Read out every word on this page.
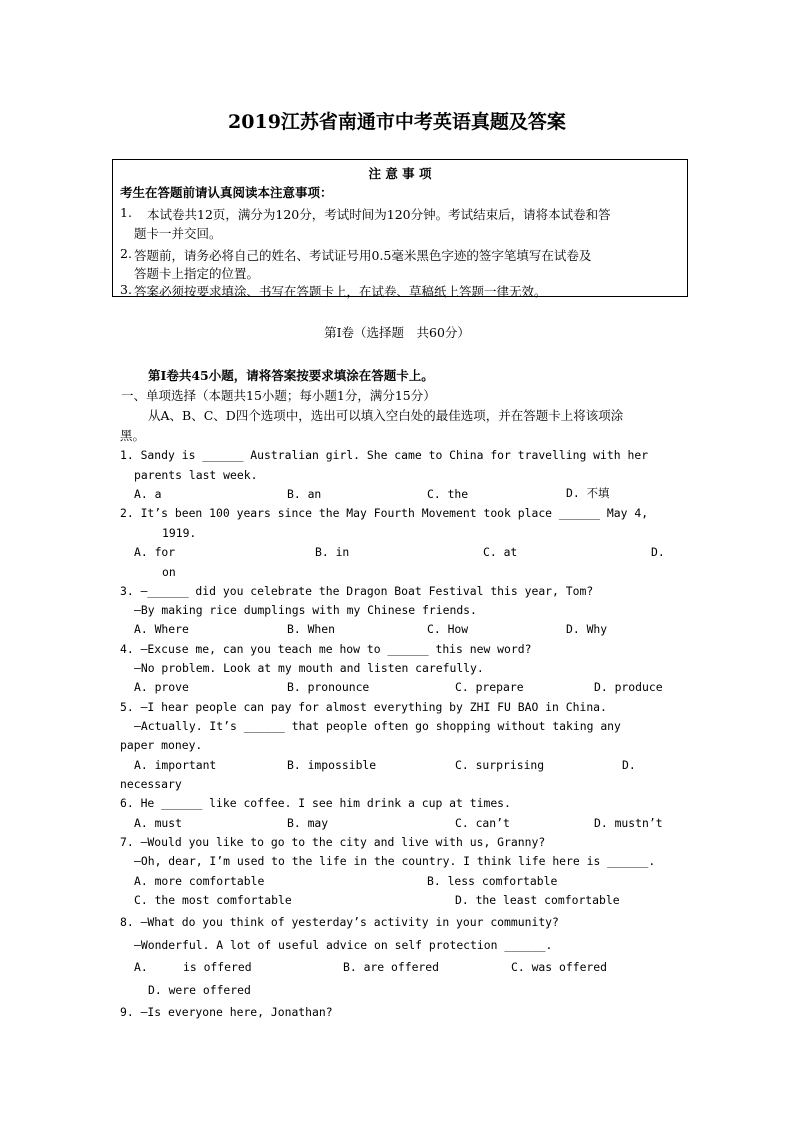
2019江苏省南通市中考英语真题及答案
注 意 事 项
考生在答题前请认真阅读本注意事项：
1. 本试卷共12页，满分为120分，考试时间为120分钟。考试结束后，请将本试卷和答
题卡一并交回。
2. 答题前，请务必将自己的姓名、考试证号用0.5毫米黑色字迹的签字笔填写在试卷及
答题卡上指定的位置。
3. 答案必须按要求填涂、书写在答题卡上，在试卷、草稿纸上答题一律无效。
第Ⅰ卷（选择题　共60分）
第Ⅰ卷共45小题，请将答案按要求填涂在答题卡上。
一、单项选择（本题共15小题；每小题1分，满分15分）
从A、B、C、D四个选项中，选出可以填入空白处的最佳选项，并在答题卡上将该项涂
黑。
1. Sandy is ______ Australian girl. She came to China for travelling with her
parents last week.
A. a	B. an	C. the	D. 不填
2. It’s been 100 years since the May Fourth Movement took place ______ May 4,
1919.
A. for	B. in	C. at	D.
on
3. —______ did you celebrate the Dragon Boat Festival this year, Tom?
—By making rice dumplings with my Chinese friends.
A. Where	B. When	C. How	D. Why
4. —Excuse me, can you teach me how to ______ this new word?
—No problem. Look at my mouth and listen carefully.
A. prove	B. pronounce	C. prepare	D. produce
5. —I hear people can pay for almost everything by ZHI FU BAO in China.
—Actually. It’s ______ that people often go shopping without taking any
paper money.
A. important	B. impossible	C. surprising	D.
necessary
6. He ______ like coffee. I see him drink a cup at times.
A. must	B. may	C. can’t	D. mustn’t
7. —Would you like to go to the city and live with us, Granny?
—Oh, dear, I’m used to the life in the country. I think life here is ______.
A. more comfortable	B. less comfortable
C. the most comfortable	D. the least comfortable
8. —What do you think of yesterday’s activity in your community?
—Wonderful. A lot of useful advice on self protection ______.
A.	is offered	B. are offered	C. was offered
D. were offered
9. —Is everyone here, Jonathan?
